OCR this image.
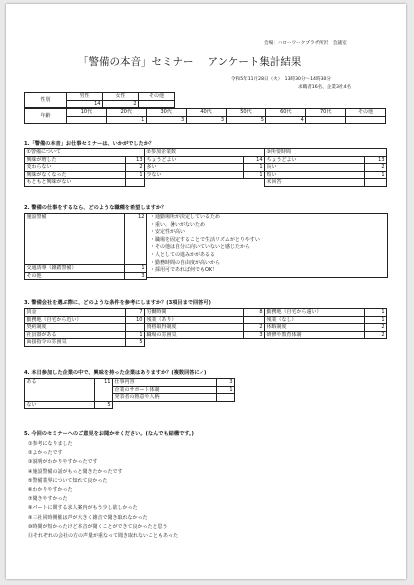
会場：ハローワークプラザ所沢　会議室
「警備の本音」セミナー アンケート集計結果
令和5年11月28日（火）　13時30分～14時30分
求職者16名、企業3社4名
性別	男性	女性	その他
	14	2	
年齢	10代	20代	30代	40代	50代	60代	70代	その他
		1	3	3	5	4		
1.「警備の本音」お仕事セミナーは、いかがでしたか？
①警備について		②参加企業数		③所要時間	
興味が増した	13	ちょうどよい	14	ちょうどよい	13
変わらない	2	多い	1	長い	2
興味がなくなった	1	少ない	1	短い	1
もともと興味がない				未回答	
2. 警備の仕事をするなら、どのような職種を希望しますか？
施設警備	12
交通誘導（雑踏警備）	1
その他	3
・通勤場所が決定しているため
・重い、暑いがないため
・安定性が高い
・職場を固定することで生活リズムがとりやすい
・その他は自分に向いていないと感じたから
・人としての進みかがあるる
・勤務時間の自由度が高いから
・採用可であれば何でもOK！
3. 警備会社を選ぶ際に、どのような条件を参考にしますか？(3項目まで回答可)
賃金	7	労働時間	8	勤務地（自宅から遠い）	1
勤務地（自宅から近い）	10	残業（あり）		残業（なし）	1
契約制度		資格取得制度	2	休暇制度	2
社員寮がある	1	職場の雰囲気	3	研修や教育体制	2
面接指令の雰囲気	5				
4. 本日参加した企業の中で、興味を持った企業はありますか？(複数回答に✓)
ある	11	仕事内容	3
		企業のサポート体制	1
		発表者の熱意や人柄	
ない	5		
5. 今回のセミナーへのご意見をお聞かせください。(なんでも結構です。)
①参考になりました
②よかったです
③説明がわかりやすかったです
④施設警備の話がもっと聞きたかったです
⑤警備業界について知れて良かった
⑥わかりやすかった
⑦聞きやすかった
⑧パートに関する求人案内がもう少し欲しかった
⑨三社同時開催は声が大きく雑音で聞き取れなかった
⑩時間が短かったけど本音が聞くことができて良かったと思う
⑪それぞれの会社の方の声量が重なって聞き取れないこともあった
